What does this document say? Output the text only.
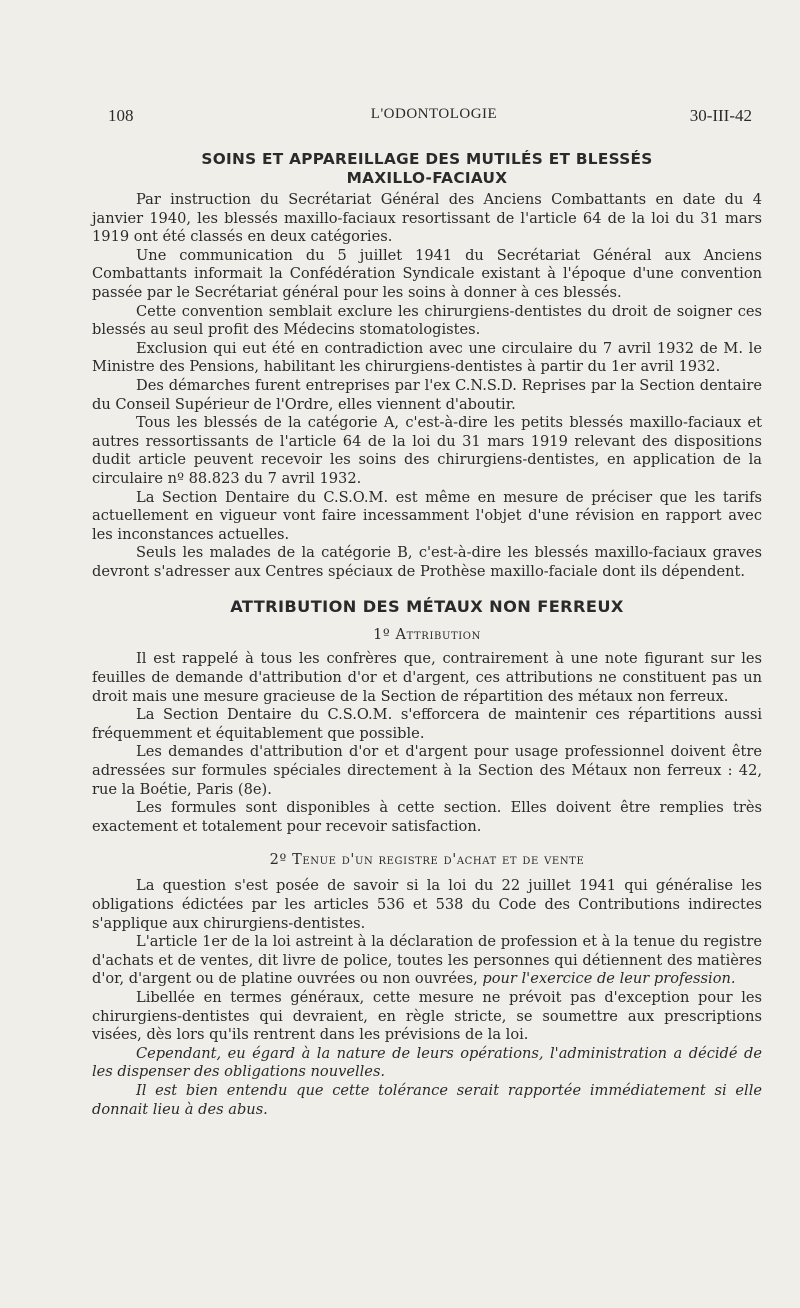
108	L'ODONTOLOGIE	30-III-42
SOINS ET APPAREILLAGE DES MUTILÉS ET BLESSÉS
MAXILLO-FACIAUX

Par instruction du Secrétariat Général des Anciens Combattants en date du 4 janvier 1940, les blessés maxillo-faciaux resortissant de l'article 64 de la loi du 31 mars 1919 ont été classés en deux catégories.

Une communication du 5 juillet 1941 du Secrétariat Général aux Anciens Combattants informait la Confédération Syndicale existant à l'époque d'une convention passée par le Secrétariat général pour les soins à donner à ces blessés.

Cette convention semblait exclure les chirurgiens-dentistes du droit de soigner ces blessés au seul profit des Médecins stomatologistes.

Exclusion qui eut été en contradiction avec une circulaire du 7 avril 1932 de M. le Ministre des Pensions, habilitant les chirurgiens-dentistes à partir du 1er avril 1932.

Des démarches furent entreprises par l'ex C.N.S.D. Reprises par la Section dentaire du Conseil Supérieur de l'Ordre, elles viennent d'aboutir.

Tous les blessés de la catégorie A, c'est-à-dire les petits blessés maxillo-faciaux et autres ressortissants de l'article 64 de la loi du 31 mars 1919 relevant des dispositions dudit article peuvent recevoir les soins des chirurgiens-dentistes, en application de la circulaire nº 88.823 du 7 avril 1932.

La Section Dentaire du C.S.O.M. est même en mesure de préciser que les tarifs actuellement en vigueur vont faire incessamment l'objet d'une révision en rapport avec les inconstances actuelles.

Seuls les malades de la catégorie B, c'est-à-dire les blessés maxillo-faciaux graves devront s'adresser aux Centres spéciaux de Prothèse maxillo-faciale dont ils dépendent.

ATTRIBUTION DES MÉTAUX NON FERREUX
1º Attribution

Il est rappelé à tous les confrères que, contrairement à une note figurant sur les feuilles de demande d'attribution d'or et d'argent, ces attributions ne constituent pas un droit mais une mesure gracieuse de la Section de répartition des métaux non ferreux.

La Section Dentaire du C.S.O.M. s'efforcera de maintenir ces répartitions aussi fréquemment et équitablement que possible.

Les demandes d'attribution d'or et d'argent pour usage professionnel doivent être adressées sur formules spéciales directement à la Section des Métaux non ferreux : 42, rue la Boétie, Paris (8e).

Les formules sont disponibles à cette section. Elles doivent être remplies très exactement et totalement pour recevoir satisfaction.

2º Tenue d'un registre d'achat et de vente

La question s'est posée de savoir si la loi du 22 juillet 1941 qui généralise les obligations édictées par les articles 536 et 538 du Code des Contributions indirectes s'applique aux chirurgiens-dentistes.

L'article 1er de la loi astreint à la déclaration de profession et à la tenue du registre d'achats et de ventes, dit livre de police, toutes les personnes qui détiennent des matières d'or, d'argent ou de platine ouvrées ou non ouvrées, pour l'exercice de leur profession.

Libellée en termes généraux, cette mesure ne prévoit pas d'exception pour les chirurgiens-dentistes qui devraient, en règle stricte, se soumettre aux prescriptions visées, dès lors qu'ils rentrent dans les prévisions de la loi.

Cependant, eu égard à la nature de leurs opérations, l'administration a décidé de les dispenser des obligations nouvelles.

Il est bien entendu que cette tolérance serait rapportée immédiatement si elle donnait lieu à des abus.
